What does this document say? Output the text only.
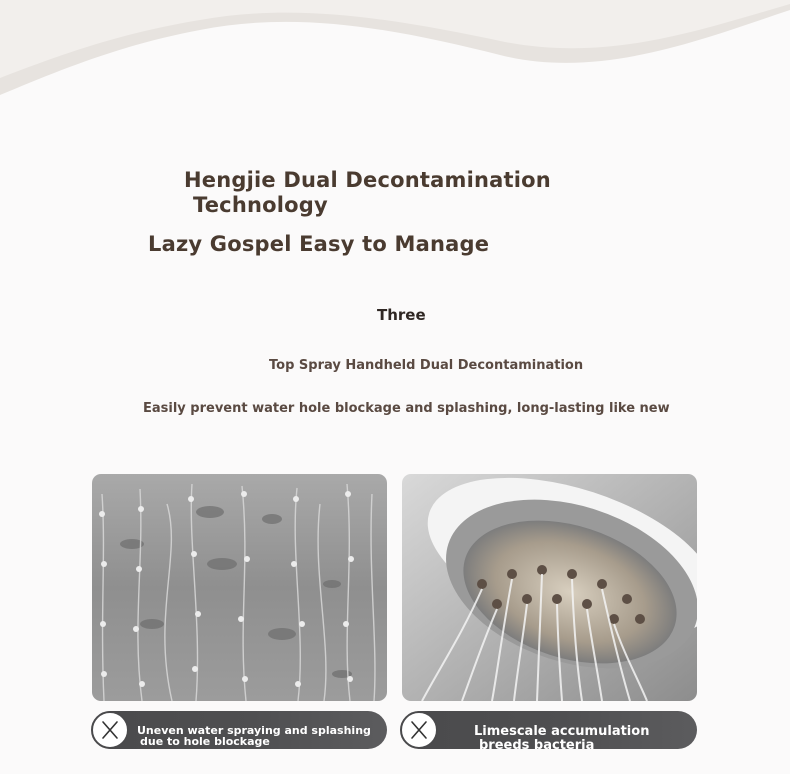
Hengjie Dual Decontamination
Technology
Lazy Gospel Easy to Manage
Three
Top Spray Handheld Dual Decontamination
Easily prevent water hole blockage and splashing, long-lasting like new
Uneven water spraying and splashing
due to hole blockage
Limescale accumulation
breeds bacteria
